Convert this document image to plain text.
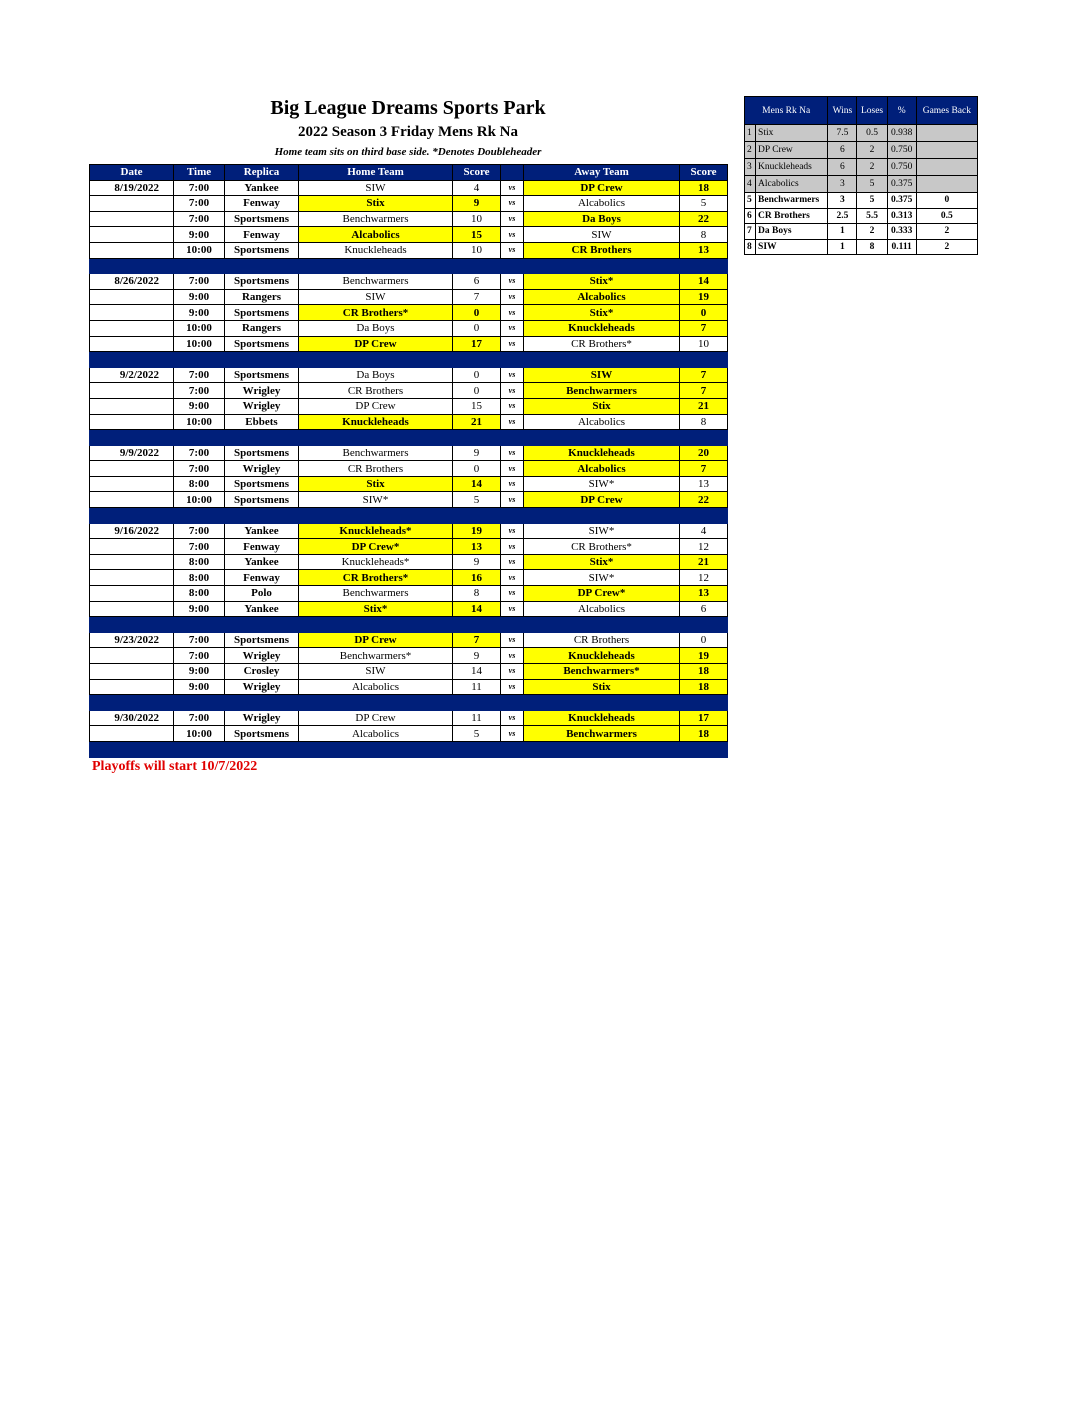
Big League Dreams Sports Park
2022 Season 3 Friday Mens Rk Na
Home team sits on third base side. *Denotes Doubleheader
Date	Time	Replica	Home Team	Score		Away Team	Score
8/19/2022	7:00	Yankee	SIW	4	vs	DP Crew	18
	7:00	Fenway	Stix	9	vs	Alcabolics	5
	7:00	Sportsmens	Benchwarmers	10	vs	Da Boys	22
	9:00	Fenway	Alcabolics	15	vs	SIW	8
	10:00	Sportsmens	Knuckleheads	10	vs	CR Brothers	13

8/26/2022	7:00	Sportsmens	Benchwarmers	6	vs	Stix*	14
	9:00	Rangers	SIW	7	vs	Alcabolics	19
	9:00	Sportsmens	CR Brothers*	0	vs	Stix*	0
	10:00	Rangers	Da Boys	0	vs	Knuckleheads	7
	10:00	Sportsmens	DP Crew	17	vs	CR Brothers*	10

9/2/2022	7:00	Sportsmens	Da Boys	0	vs	SIW	7
	7:00	Wrigley	CR Brothers	0	vs	Benchwarmers	7
	9:00	Wrigley	DP Crew	15	vs	Stix	21
	10:00	Ebbets	Knuckleheads	21	vs	Alcabolics	8

9/9/2022	7:00	Sportsmens	Benchwarmers	9	vs	Knuckleheads	20
	7:00	Wrigley	CR Brothers	0	vs	Alcabolics	7
	8:00	Sportsmens	Stix	14	vs	SIW*	13
	10:00	Sportsmens	SIW*	5	vs	DP Crew	22

9/16/2022	7:00	Yankee	Knuckleheads*	19	vs	SIW*	4
	7:00	Fenway	DP Crew*	13	vs	CR Brothers*	12
	8:00	Yankee	Knuckleheads*	9	vs	Stix*	21
	8:00	Fenway	CR Brothers*	16	vs	SIW*	12
	8:00	Polo	Benchwarmers	8	vs	DP Crew*	13
	9:00	Yankee	Stix*	14	vs	Alcabolics	6

9/23/2022	7:00	Sportsmens	DP Crew	7	vs	CR Brothers	0
	7:00	Wrigley	Benchwarmers*	9	vs	Knuckleheads	19
	9:00	Crosley	SIW	14	vs	Benchwarmers*	18
	9:00	Wrigley	Alcabolics	11	vs	Stix	18

9/30/2022	7:00	Wrigley	DP Crew	11	vs	Knuckleheads	17
	10:00	Sportsmens	Alcabolics	5	vs	Benchwarmers	18

Mens Rk Na		Wins	Loses	%	Games Back
1	Stix	7.5	0.5	0.938	
2	DP Crew	6	2	0.750	
3	Knuckleheads	6	2	0.750	
4	Alcabolics	3	5	0.375	
5	Benchwarmers	3	5	0.375	0
6	CR Brothers	2.5	5.5	0.313	0.5
7	Da Boys	1	2	0.333	2
8	SIW	1	8	0.111	2
Playoffs will start 10/7/2022
